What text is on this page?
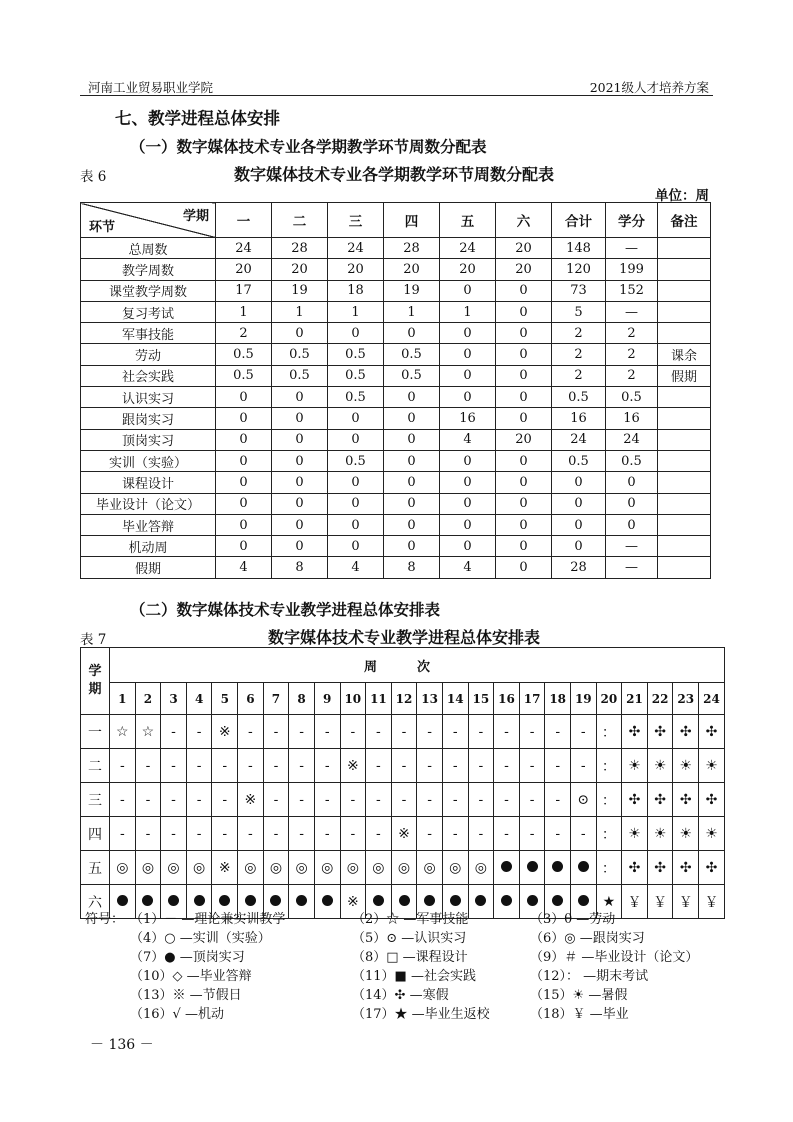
河南工业贸易职业学院	2021级人才培养方案
七、教学进程总体安排
（一）数字媒体技术专业各学期教学环节周数分配表
表 6	数字媒体技术专业各学期教学环节周数分配表
单位：周
学期
环节	一	二	三	四	五	六	合计	学分	备注
总周数	24	28	24	28	24	20	148	—	
教学周数	20	20	20	20	20	20	120	199	
课堂教学周数	17	19	18	19	0	0	73	152	
复习考试	1	1	1	1	1	0	5	—	
军事技能	2	0	0	0	0	0	2	2	
劳动	0.5	0.5	0.5	0.5	0	0	2	2	课余
社会实践	0.5	0.5	0.5	0.5	0	0	2	2	假期
认识实习	0	0	0.5	0	0	0	0.5	0.5	
跟岗实习	0	0	0	0	16	0	16	16	
顶岗实习	0	0	0	0	4	20	24	24	
实训（实验）	0	0	0.5	0	0	0	0.5	0.5	
课程设计	0	0	0	0	0	0	0	0	
毕业设计（论文）	0	0	0	0	0	0	0	0	
毕业答辩	0	0	0	0	0	0	0	0	
机动周	0	0	0	0	0	0	0	—	
假期	4	8	4	8	4	0	28	—	
（二）数字媒体技术专业教学进程总体安排表
表 7	数字媒体技术专业教学进程总体安排表
学
期	周次																							
	1	2	3	4	5	6	7	8	9	10	11	12	13	14	15	16	17	18	19	20	21	22	23	24
一	☆	☆	-	-	※	-	-	-	-	-	-	-	-	-	-	-	-	-	-	：	✣	✣	✣	✣
二	-	-	-	-	-	-	-	-	-	※	-	-	-	-	-	-	-	-	-	：	☀	☀	☀	☀
三	-	-	-	-	-	※	-	-	-	-	-	-	-	-	-	-	-	-	⊙	：	✣	✣	✣	✣
四	-	-	-	-	-	-	-	-	-	-	-	※	-	-	-	-	-	-	-	：	☀	☀	☀	☀
五	◎	◎	◎	◎	※	◎	◎	◎	◎	◎	◎	◎	◎	◎	◎					：	✣	✣	✣	✣
六										※										★	￥	￥	￥	￥
符号： （1）－ —理论兼实训教学	（2）☆ —军事技能	（3）θ —劳动
（4）○ —实训（实验）	（5）⊙ —认识实习	（6）◎ —跟岗实习
（7）● —顶岗实习	（8）□ —课程设计	（9）＃ —毕业设计（论文）
（10）◇ —毕业答辩	（11）■ —社会实践	（12）： —期末考试
（13）※ —节假日	（14）✣ —寒假	（15）☀ —暑假
（16）√ —机动	（17）★ —毕业生返校	（18）￥ —毕业
－ 136 －
